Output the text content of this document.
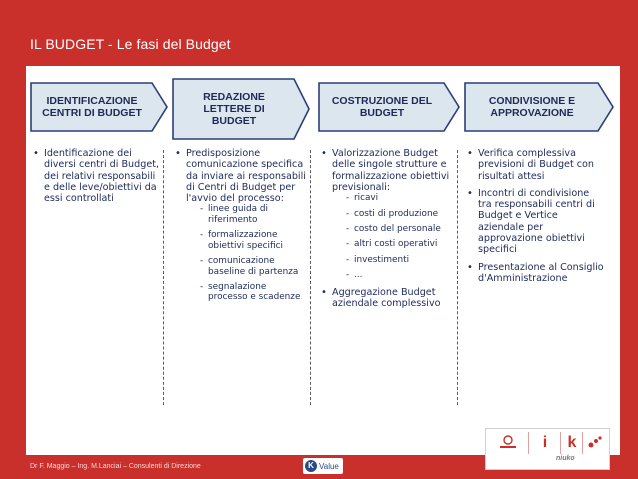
IL BUDGET - Le fasi del Budget
IDENTIFICAZIONE
CENTRI DI BUDGET
REDAZIONE
LETTERE DI
BUDGET
COSTRUZIONE DEL
BUDGET
CONDIVISIONE E
APPROVAZIONE
• Identificazione dei diversi centri di Budget, dei relativi responsabili e delle leve/obiettivi da essi controllati
• Predisposizione comunicazione specifica da inviare ai responsabili di Centri di Budget per l'avvio del processo:
- linee guida di riferimento
- formalizzazione obiettivi specifici
- comunicazione baseline di partenza
- segnalazione processo e scadenze
• Valorizzazione Budget delle singole strutture e formalizzazione obiettivi previsionali:
- ricavi
- costi di produzione
- costo del personale
- altri costi operativi
- investimenti
- ...
• Aggregazione Budget aziendale complessivo
• Verifica complessiva previsioni di Budget con risultati attesi
• Incontri di condivisione tra responsabili centri di Budget e Vertice aziendale per approvazione obiettivi specifici
• Presentazione al Consiglio d'Amministrazione
i	k
niuko
Dr F. Maggio – Ing. M.Lanciai – Consulenti di Direzione	K Value
